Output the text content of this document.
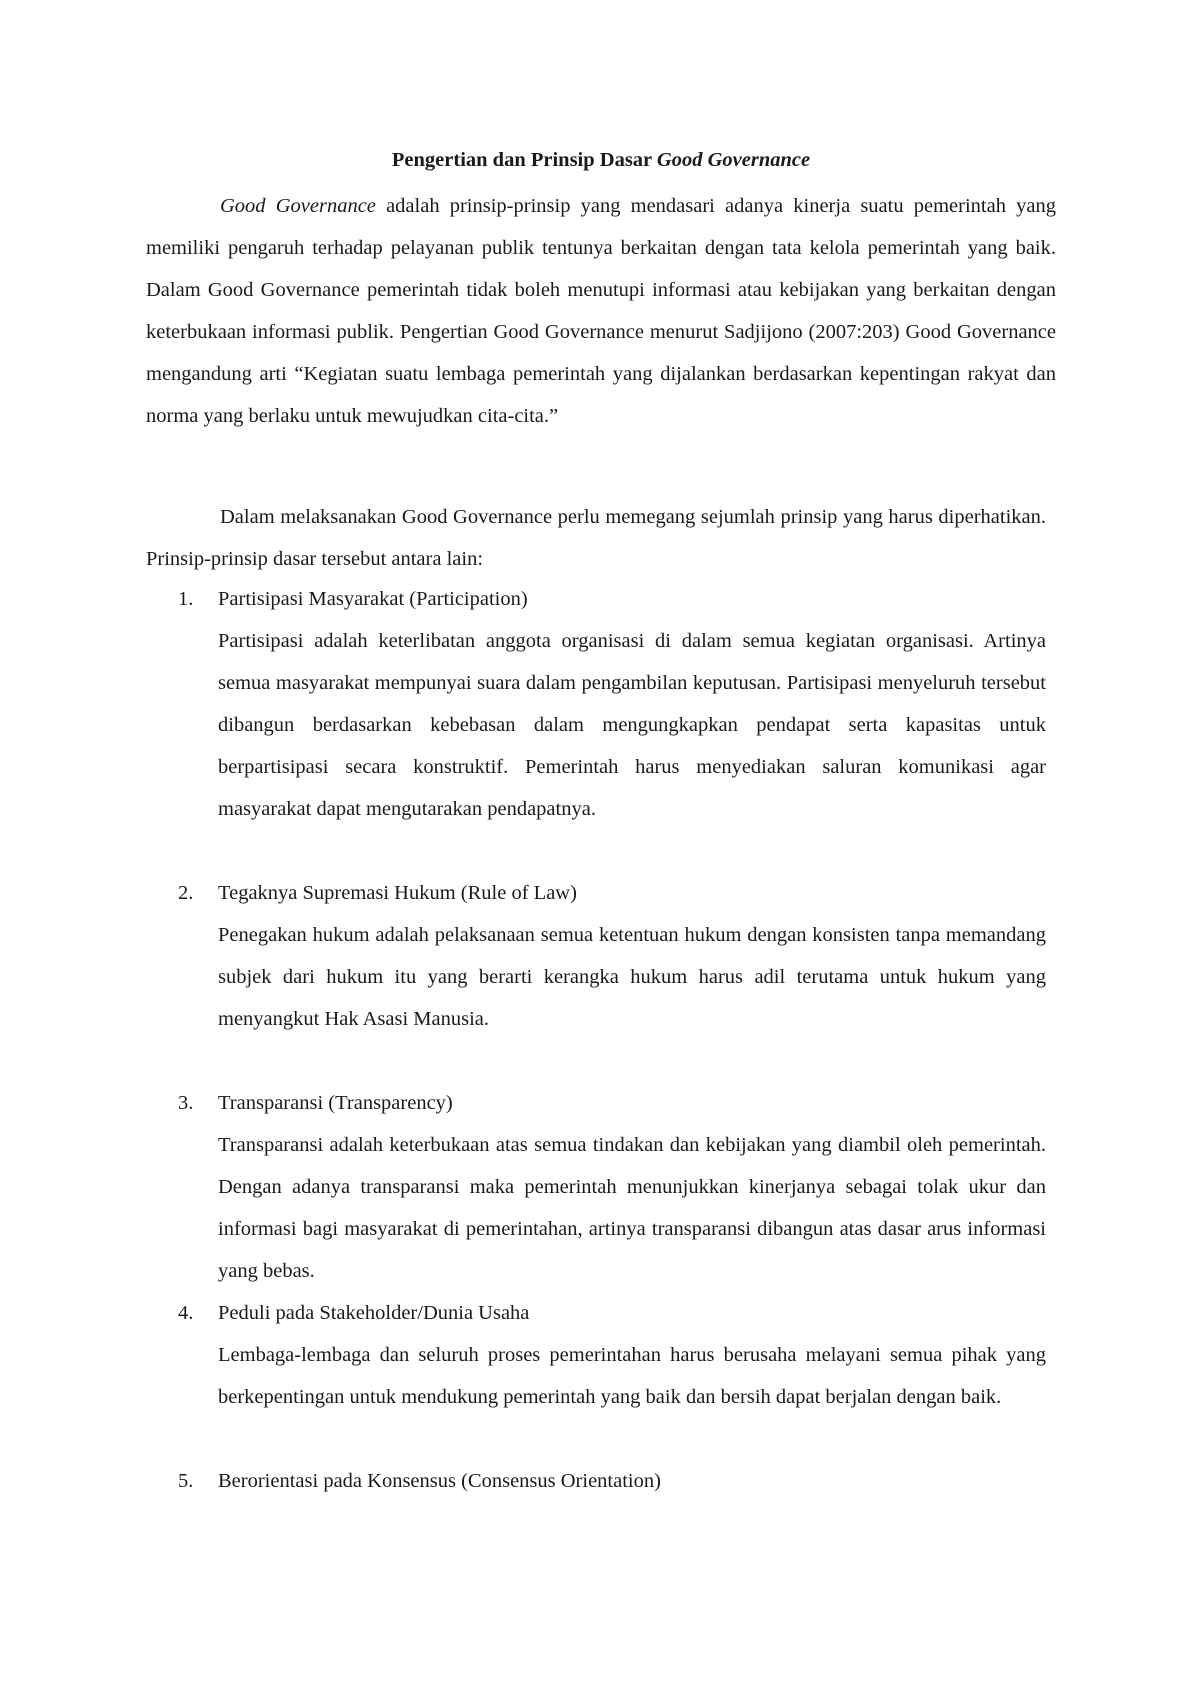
Pengertian dan Prinsip Dasar Good Governance

Good Governance adalah prinsip-prinsip yang mendasari adanya kinerja suatu pemerintah yang memiliki pengaruh terhadap pelayanan publik tentunya berkaitan dengan tata kelola pemerintah yang baik. Dalam Good Governance pemerintah tidak boleh menutupi informasi atau kebijakan yang berkaitan dengan keterbukaan informasi publik. Pengertian Good Governance menurut Sadjijono (2007:203) Good Governance mengandung arti “Kegiatan suatu lembaga pemerintah yang dijalankan berdasarkan kepentingan rakyat dan norma yang berlaku untuk mewujudkan cita-cita.”

Dalam melaksanakan Good Governance perlu memegang sejumlah prinsip yang harus diperhatikan. Prinsip-prinsip dasar tersebut antara lain:

1. Partisipasi Masyarakat (Participation)
Partisipasi adalah keterlibatan anggota organisasi di dalam semua kegiatan organisasi. Artinya semua masyarakat mempunyai suara dalam pengambilan keputusan. Partisipasi menyeluruh tersebut dibangun berdasarkan kebebasan dalam mengungkapkan pendapat serta kapasitas untuk berpartisipasi secara konstruktif. Pemerintah harus menyediakan saluran komunikasi agar masyarakat dapat mengutarakan pendapatnya.
2. Tegaknya Supremasi Hukum (Rule of Law)
Penegakan hukum adalah pelaksanaan semua ketentuan hukum dengan konsisten tanpa memandang subjek dari hukum itu yang berarti kerangka hukum harus adil terutama untuk hukum yang menyangkut Hak Asasi Manusia.
3. Transparansi (Transparency)
Transparansi adalah keterbukaan atas semua tindakan dan kebijakan yang diambil oleh pemerintah. Dengan adanya transparansi maka pemerintah menunjukkan kinerjanya sebagai tolak ukur dan informasi bagi masyarakat di pemerintahan, artinya transparansi dibangun atas dasar arus informasi yang bebas.
4. Peduli pada Stakeholder/Dunia Usaha
Lembaga-lembaga dan seluruh proses pemerintahan harus berusaha melayani semua pihak yang berkepentingan untuk mendukung pemerintah yang baik dan bersih dapat berjalan dengan baik.
5. Berorientasi pada Konsensus (Consensus Orientation)
